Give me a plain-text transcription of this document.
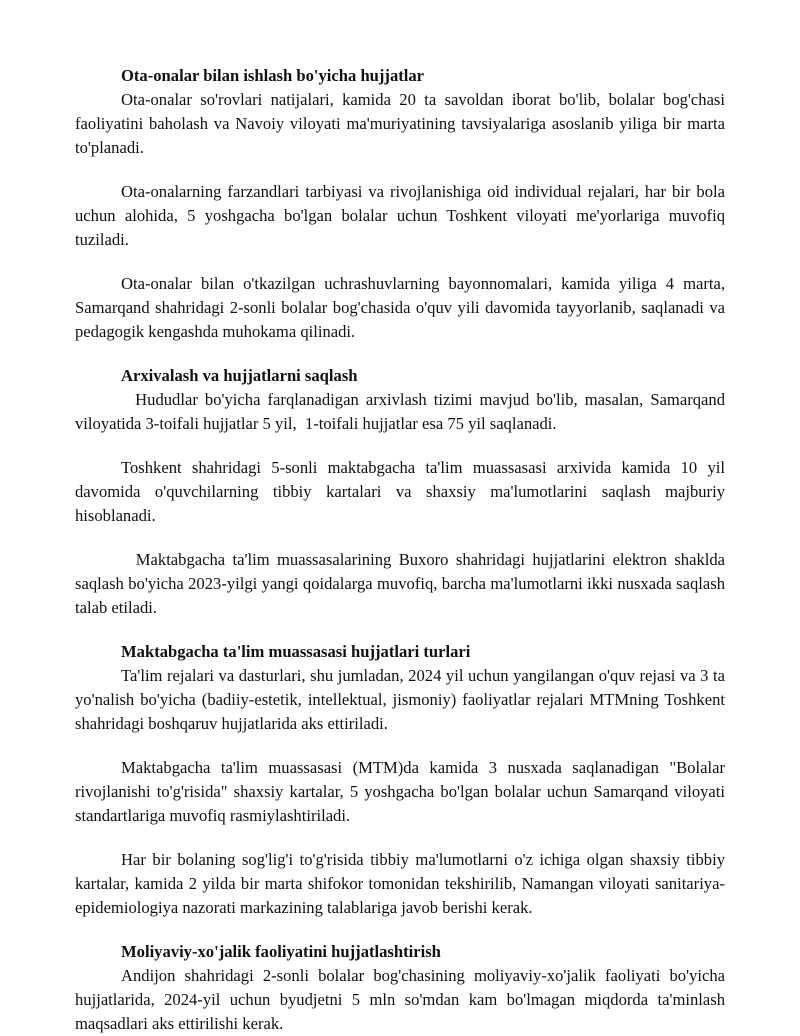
Ota-onalar bilan ishlash bo'yicha hujjatlar

Ota-onalar so'rovlari natijalari, kamida 20 ta savoldan iborat bo'lib, bolalar bog'chasi faoliyatini baholash va Navoiy viloyati ma'muriyatining tavsiyalariga asoslanib yiliga bir marta to'planadi.

Ota-onalarning farzandlari tarbiyasi va rivojlanishiga oid individual rejalari, har bir bola uchun alohida, 5 yoshgacha bo'lgan bolalar uchun Toshkent viloyati me'yorlariga muvofiq tuziladi.

Ota-onalar bilan o'tkazilgan uchrashuvlarning bayonnomalari, kamida yiliga 4 marta, Samarqand shahridagi 2-sonli bolalar bog'chasida o'quv yili davomida tayyorlanib, saqlanadi va pedagogik kengashda muhokama qilinadi.

Arxivalash va hujjatlarni saqlash

Hududlar bo'yicha farqlanadigan arxivlash tizimi mavjud bo'lib, masalan, Samarqand viloyatida 3-toifali hujjatlar 5 yil,  1-toifali hujjatlar esa 75 yil saqlanadi.

Toshkent shahridagi 5-sonli maktabgacha ta'lim muassasasi arxivida kamida 10 yil davomida o'quvchilarning tibbiy kartalari va shaxsiy ma'lumotlarini saqlash majburiy hisoblanadi.

Maktabgacha ta'lim muassasalarining Buxoro shahridagi hujjatlarini elektron shaklda saqlash bo'yicha 2023-yilgi yangi qoidalarga muvofiq, barcha ma'lumotlarni ikki nusxada saqlash talab etiladi.

Maktabgacha ta'lim muassasasi hujjatlari turlari

Ta'lim rejalari va dasturlari, shu jumladan, 2024 yil uchun yangilangan o'quv rejasi va 3 ta yo'nalish bo'yicha (badiiy-estetik, intellektual, jismoniy) faoliyatlar rejalari MTMning Toshkent shahridagi boshqaruv hujjatlarida aks ettiriladi.

Maktabgacha ta'lim muassasasi (MTM)da kamida 3 nusxada saqlanadigan "Bolalar rivojlanishi to'g'risida" shaxsiy kartalar, 5 yoshgacha bo'lgan bolalar uchun Samarqand viloyati standartlariga muvofiq rasmiylashtiriladi.

Har bir bolaning sog'lig'i to'g'risida tibbiy ma'lumotlarni o'z ichiga olgan shaxsiy tibbiy kartalar, kamida 2 yilda bir marta shifokor tomonidan tekshirilib, Namangan viloyati sanitariya-epidemiologiya nazorati markazining talablariga javob berishi kerak.

Moliyaviy-xo'jalik faoliyatini hujjatlashtirish

Andijon shahridagi 2-sonli bolalar bog'chasining moliyaviy-xo'jalik faoliyati bo'yicha hujjatlarida, 2024-yil uchun byudjetni 5 mln so'mdan kam bo'lmagan miqdorda ta'minlash maqsadlari aks ettirilishi kerak.
